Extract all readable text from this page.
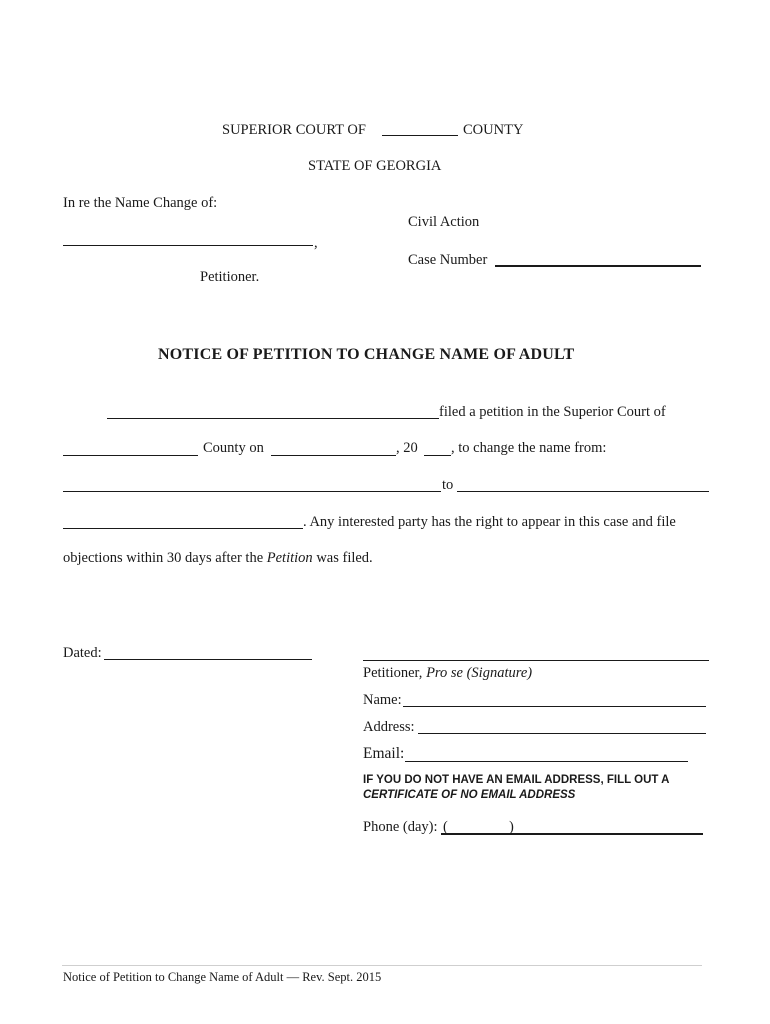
SUPERIOR COURT OF	COUNTY
STATE OF GEORGIA
In re the Name Change of:
,
Petitioner.
Civil Action
Case Number
NOTICE OF PETITION TO CHANGE NAME OF ADULT
filed a petition in the Superior Court of
County on	, 20 , to change the name from:
to
. Any interested party has the right to appear in this case and file
objections within 30 days after the Petition was filed.
Dated:
Petitioner, Pro se (Signature)
Name:
Address:
Email:
IF YOU DO NOT HAVE AN EMAIL ADDRESS, FILL OUT A
CERTIFICATE OF NO EMAIL ADDRESS
Phone (day): (	)
Notice of Petition to Change Name of Adult — Rev. Sept. 2015
